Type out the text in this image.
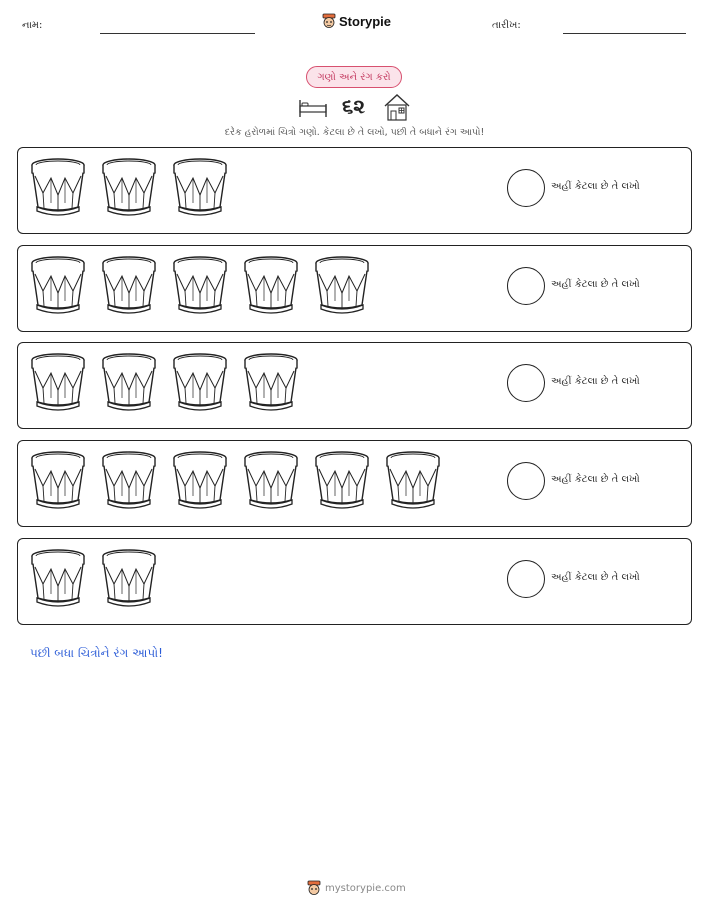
નામ:	Storypie	તારીખ:
ગણો અને રંગ કરો
૬૨
દરેક હરોળમાં ચિત્રો ગણો. કેટલા છે તે લખો, પછી તે બધાને રંગ આપો!
અહીં કેટલા છે તે લખો
અહીં કેટલા છે તે લખો
અહીં કેટલા છે તે લખો
અહીં કેટલા છે તે લખો
અહીં કેટલા છે તે લખો
પછી બધા ચિત્રોને રંગ આપો!
mystorypie.com
